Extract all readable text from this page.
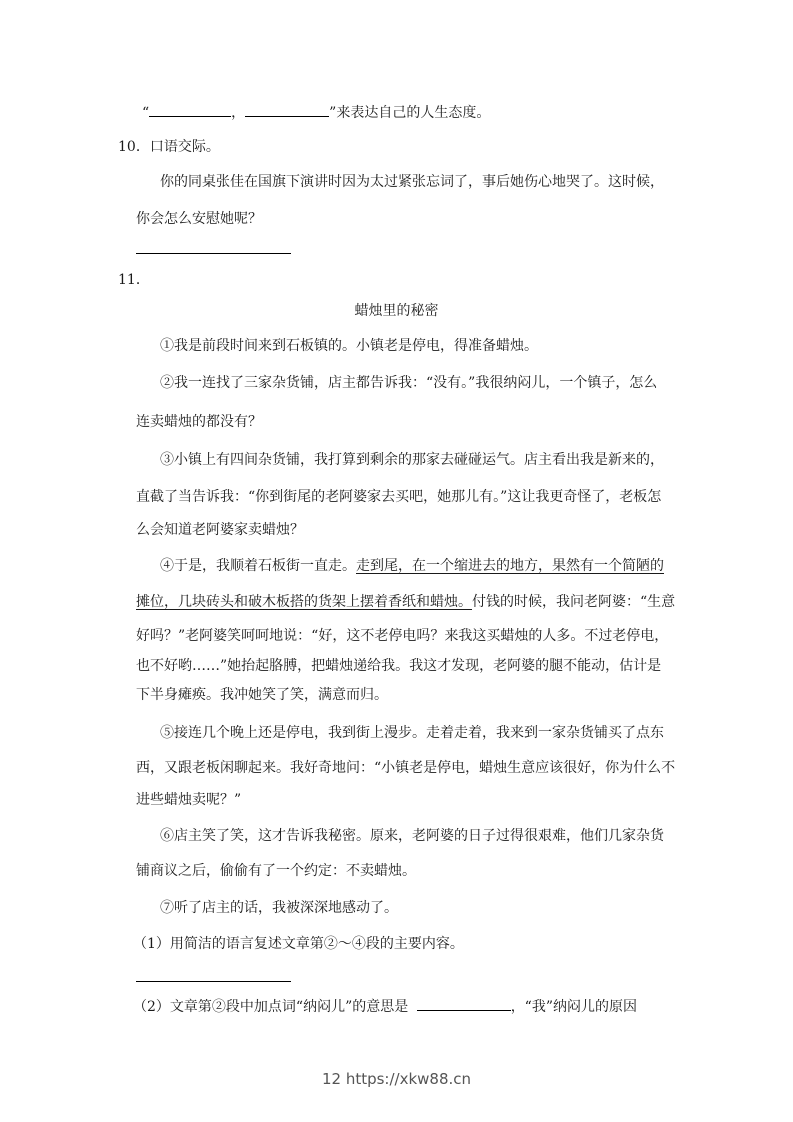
“	，	”来表达自己的人生态度。
10．口语交际。
你的同桌张佳在国旗下演讲时因为太过紧张忘词了，事后她伤心地哭了。这时候，
你会怎么安慰她呢？
11．
蜡烛里的秘密
①我是前段时间来到石板镇的。小镇老是停电，得准备蜡烛。
②我一连找了三家杂货铺，店主都告诉我：“没有。”我很纳闷儿，一个镇子，怎么
连卖蜡烛的都没有？
③小镇上有四间杂货铺，我打算到剩余的那家去碰碰运气。店主看出我是新来的，
直截了当告诉我：“你到街尾的老阿婆家去买吧，她那儿有。”这让我更奇怪了，老板怎
么会知道老阿婆家卖蜡烛？
④于是，我顺着石板街一直走。走到尾，在一个缩进去的地方，果然有一个简陋的
摊位，几块砖头和破木板搭的货架上摆着香纸和蜡烛。付钱的时候，我问老阿婆：“生意
好吗？”老阿婆笑呵呵地说：“好，这不老停电吗？来我这买蜡烛的人多。不过老停电，
也不好哟……”她抬起胳膊，把蜡烛递给我。我这才发现，老阿婆的腿不能动，估计是
下半身瘫痪。我冲她笑了笑，满意而归。
⑤接连几个晚上还是停电，我到街上漫步。走着走着，我来到一家杂货铺买了点东
西，又跟老板闲聊起来。我好奇地问：“小镇老是停电，蜡烛生意应该很好，你为什么不
进些蜡烛卖呢？”
⑥店主笑了笑，这才告诉我秘密。原来，老阿婆的日子过得很艰难，他们几家杂货
铺商议之后，偷偷有了一个约定：不卖蜡烛。
⑦听了店主的话，我被深深地感动了。
（1）用简洁的语言复述文章第②～④段的主要内容。
（2）文章第②段中加点词“纳闷儿”的意思是	，“我”纳闷儿的原因
12 https://xkw88.cn
